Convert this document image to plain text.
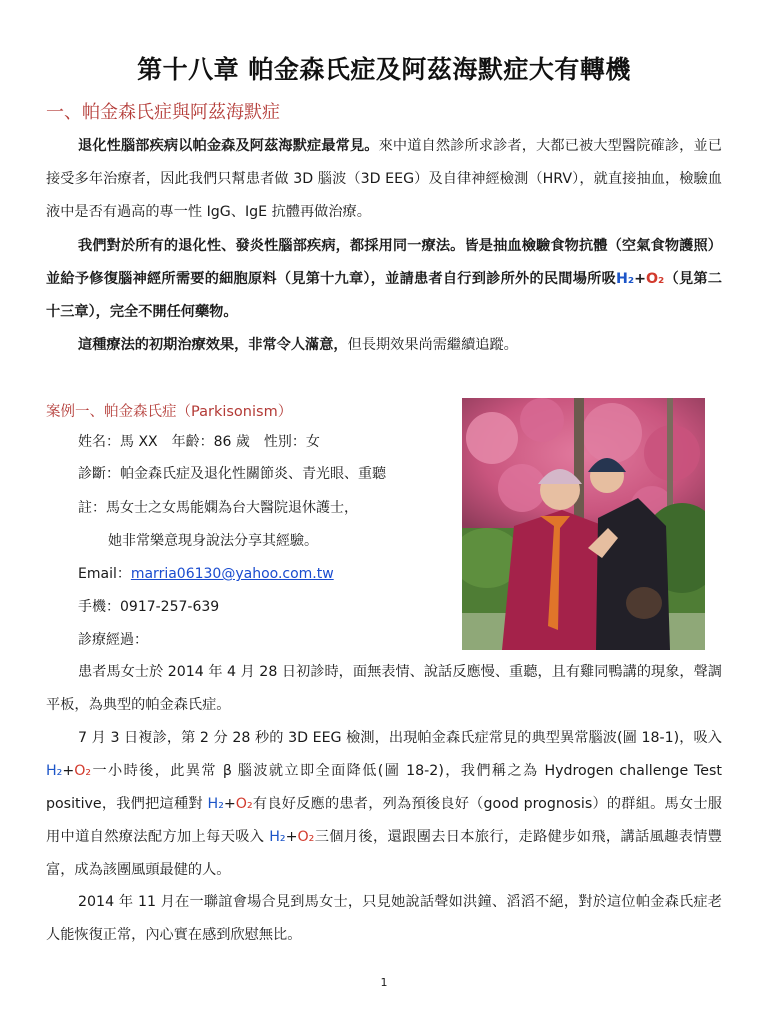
第十八章 帕金森氏症及阿茲海默症大有轉機
一、帕金森氏症與阿茲海默症

退化性腦部疾病以帕金森及阿茲海默症最常見。來中道自然診所求診者，大都已被大型醫院確診，並已接受多年治療者，因此我們只幫患者做 3D 腦波（3D EEG）及自律神經檢測（HRV），就直接抽血，檢驗血液中是否有過高的專一性 IgG、IgE 抗體再做治療。

我們對於所有的退化性、發炎性腦部疾病，都採用同一療法。皆是抽血檢驗食物抗體（空氣食物護照）並給予修復腦神經所需要的細胞原料（見第十九章），並請患者自行到診所外的民間場所吸H₂+O₂（見第二十三章），完全不開任何藥物。

這種療法的初期治療效果，非常令人滿意，但長期效果尚需繼續追蹤。

案例一、帕金森氏症（Parkisonism）
姓名：馬 XX　年齡：86 歲　性別：女
診斷：帕金森氏症及退化性關節炎、青光眼、重聽
註：馬女士之女馬能嫻為台大醫院退休護士，
她非常樂意現身說法分享其經驗。
Email：marria06130@yahoo.com.tw
手機：0917-257-639
診療經過：

患者馬女士於 2014 年 4 月 28 日初診時，面無表情、說話反應慢、重聽，且有雞同鴨講的現象，聲調平板，為典型的帕金森氏症。

7 月 3 日複診，第 2 分 28 秒的 3D EEG 檢測，出現帕金森氏症常見的典型異常腦波(圖 18-1)，吸入 H₂+O₂一小時後，此異常 β 腦波就立即全面降低(圖 18-2)，我們稱之為 Hydrogen challenge Test positive，我們把這種對 H₂+O₂有良好反應的患者，列為預後良好（good prognosis）的群組。馬女士服用中道自然療法配方加上每天吸入 H₂+O₂三個月後，還跟團去日本旅行，走路健步如飛，講話風趣表情豐富，成為該團風頭最健的人。

2014 年 11 月在一聯誼會場合見到馬女士，只見她說話聲如洪鐘、滔滔不絕，對於這位帕金森氏症老人能恢復正常，內心實在感到欣慰無比。

1
